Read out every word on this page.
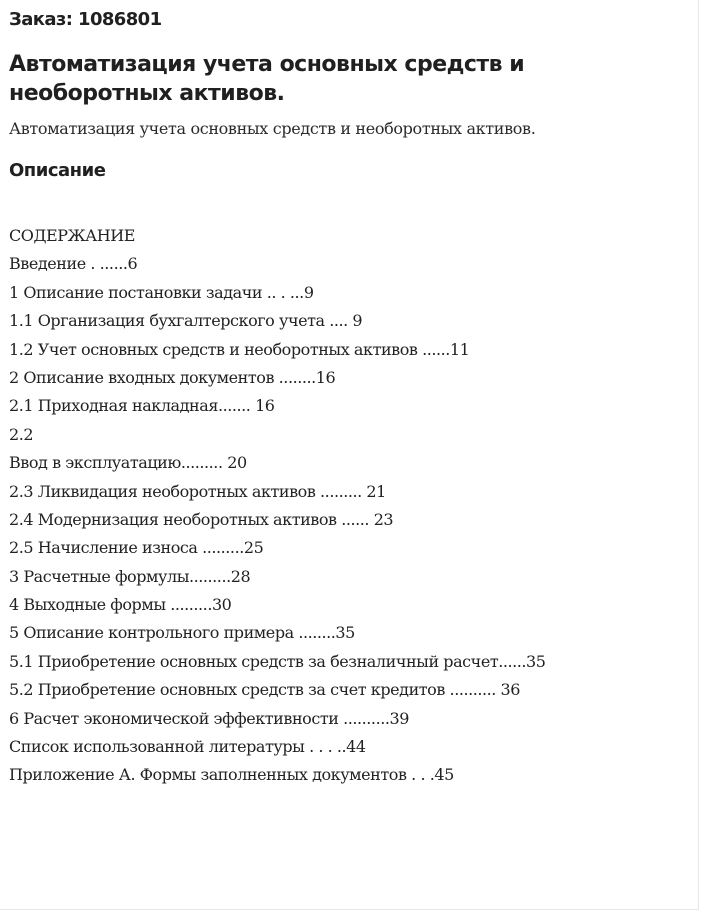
Заказ: 1086801
Автоматизация учета основных средств и необоротных активов.
Автоматизация учета основных средств и необоротных активов.
Описание
СОДЕРЖАНИЕ
Введение . ......6
1 Описание постановки задачи .. . ...9
1.1 Организация бухгалтерского учета .... 9
1.2 Учет основных средств и необоротных активов ......11
2 Описание входных документов ........16
2.1 Приходная накладная....... 16
2.2
Ввод в эксплуатацию......... 20
2.3 Ликвидация необоротных активов ......... 21
2.4 Модернизация необоротных активов ...... 23
2.5 Начисление износа .........25
3 Расчетные формулы.........28
4 Выходные формы .........30
5 Описание контрольного примера ........35
5.1 Приобретение основных средств за безналичный расчет......35
5.2 Приобретение основных средств за счет кредитов .......... 36
6 Расчет экономической эффективности ..........39
Список использованной литературы . . . ..44
Приложение А. Формы заполненных документов . . .45
